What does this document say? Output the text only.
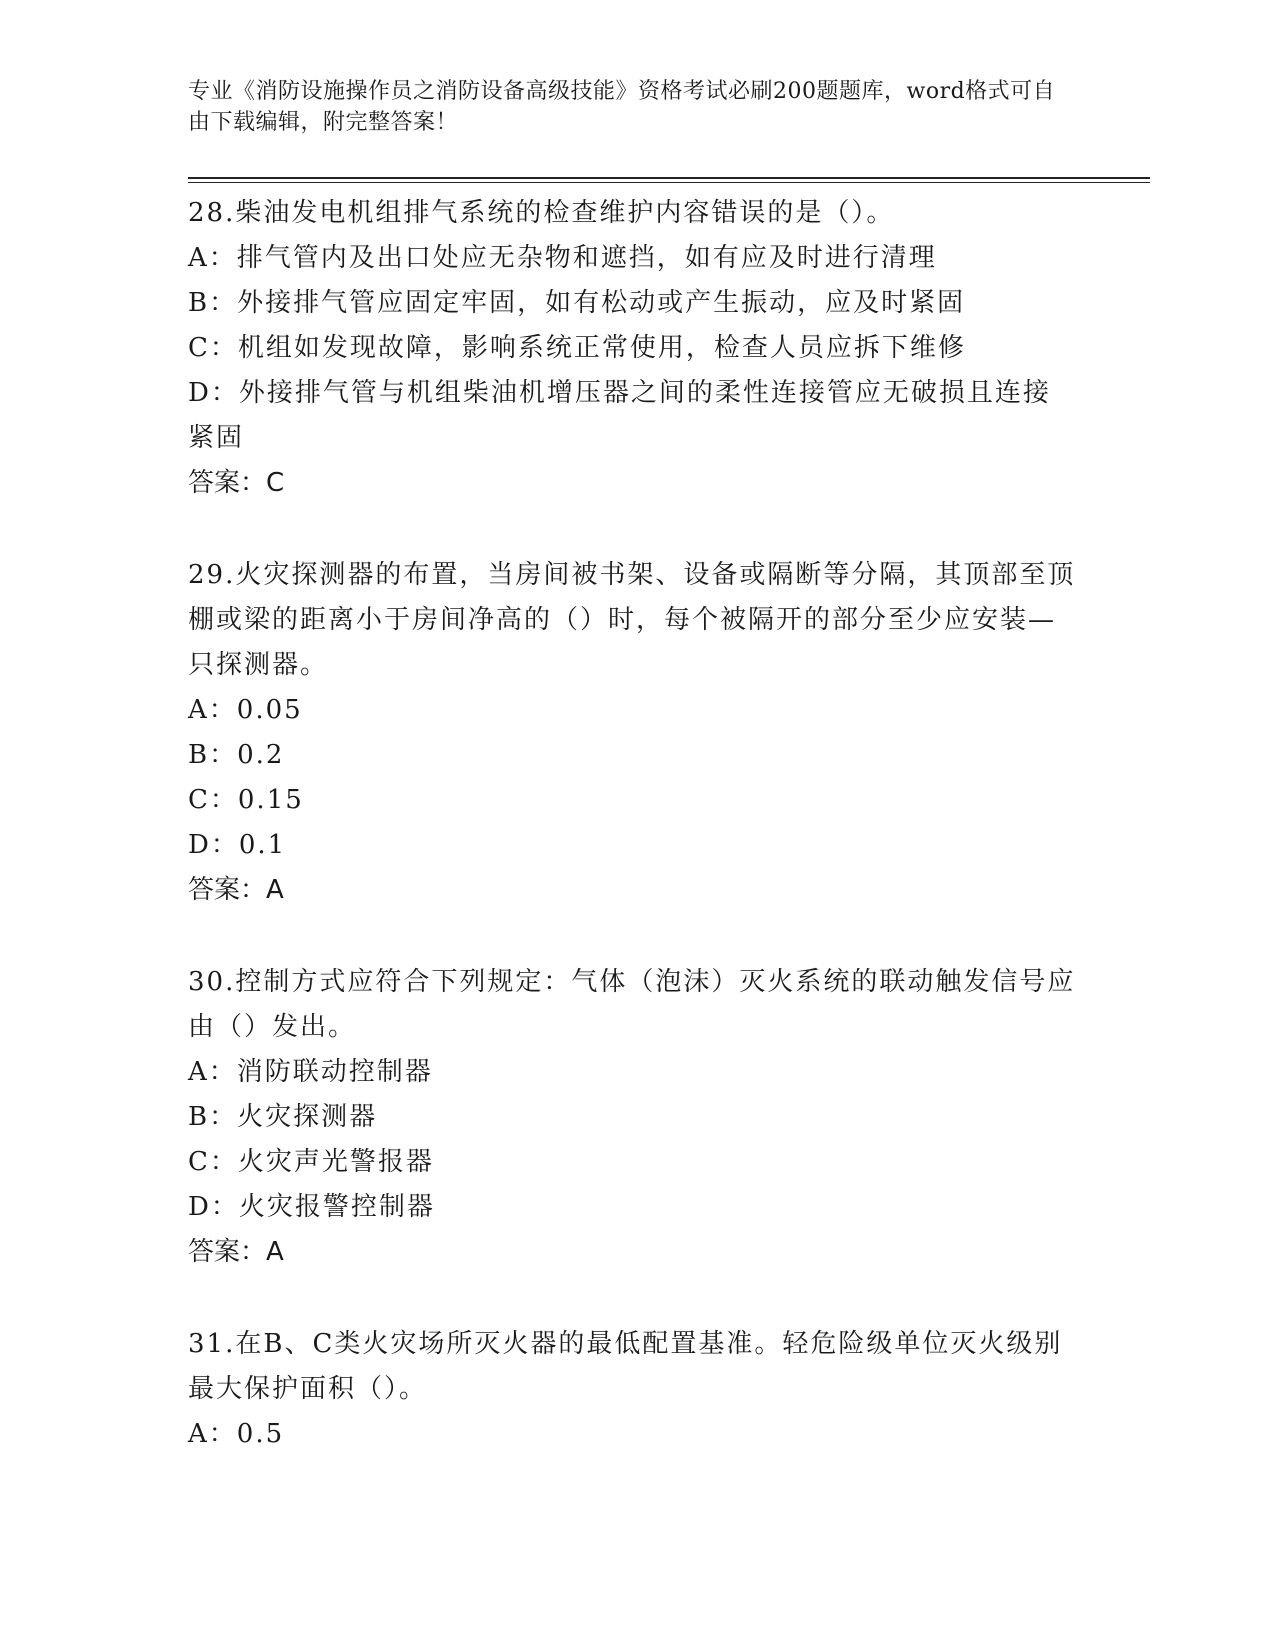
专业《消防设施操作员之消防设备高级技能》资格考试必刷200题题库，word格式可自由下载编辑，附完整答案！

28.柴油发电机组排气系统的检查维护内容错误的是（）。

A：排气管内及出口处应无杂物和遮挡，如有应及时进行清理

B：外接排气管应固定牢固，如有松动或产生振动，应及时紧固

C：机组如发现故障，影响系统正常使用，检查人员应拆下维修

D：外接排气管与机组柴油机增压器之间的柔性连接管应无破损且连接紧固

答案：C

29.火灾探测器的布置，当房间被书架、设备或隔断等分隔，其顶部至顶棚或梁的距离小于房间净高的（）时，每个被隔开的部分至少应安装—只探测器。

A：0.05

B：0.2

C：0.15

D：0.1

答案：A

30.控制方式应符合下列规定：气体（泡沫）灭火系统的联动触发信号应由（）发出。

A：消防联动控制器

B：火灾探测器

C：火灾声光警报器

D：火灾报警控制器

答案：A

31.在B、C类火灾场所灭火器的最低配置基准。轻危险级单位灭火级别最大保护面积（）。

A：0.5
